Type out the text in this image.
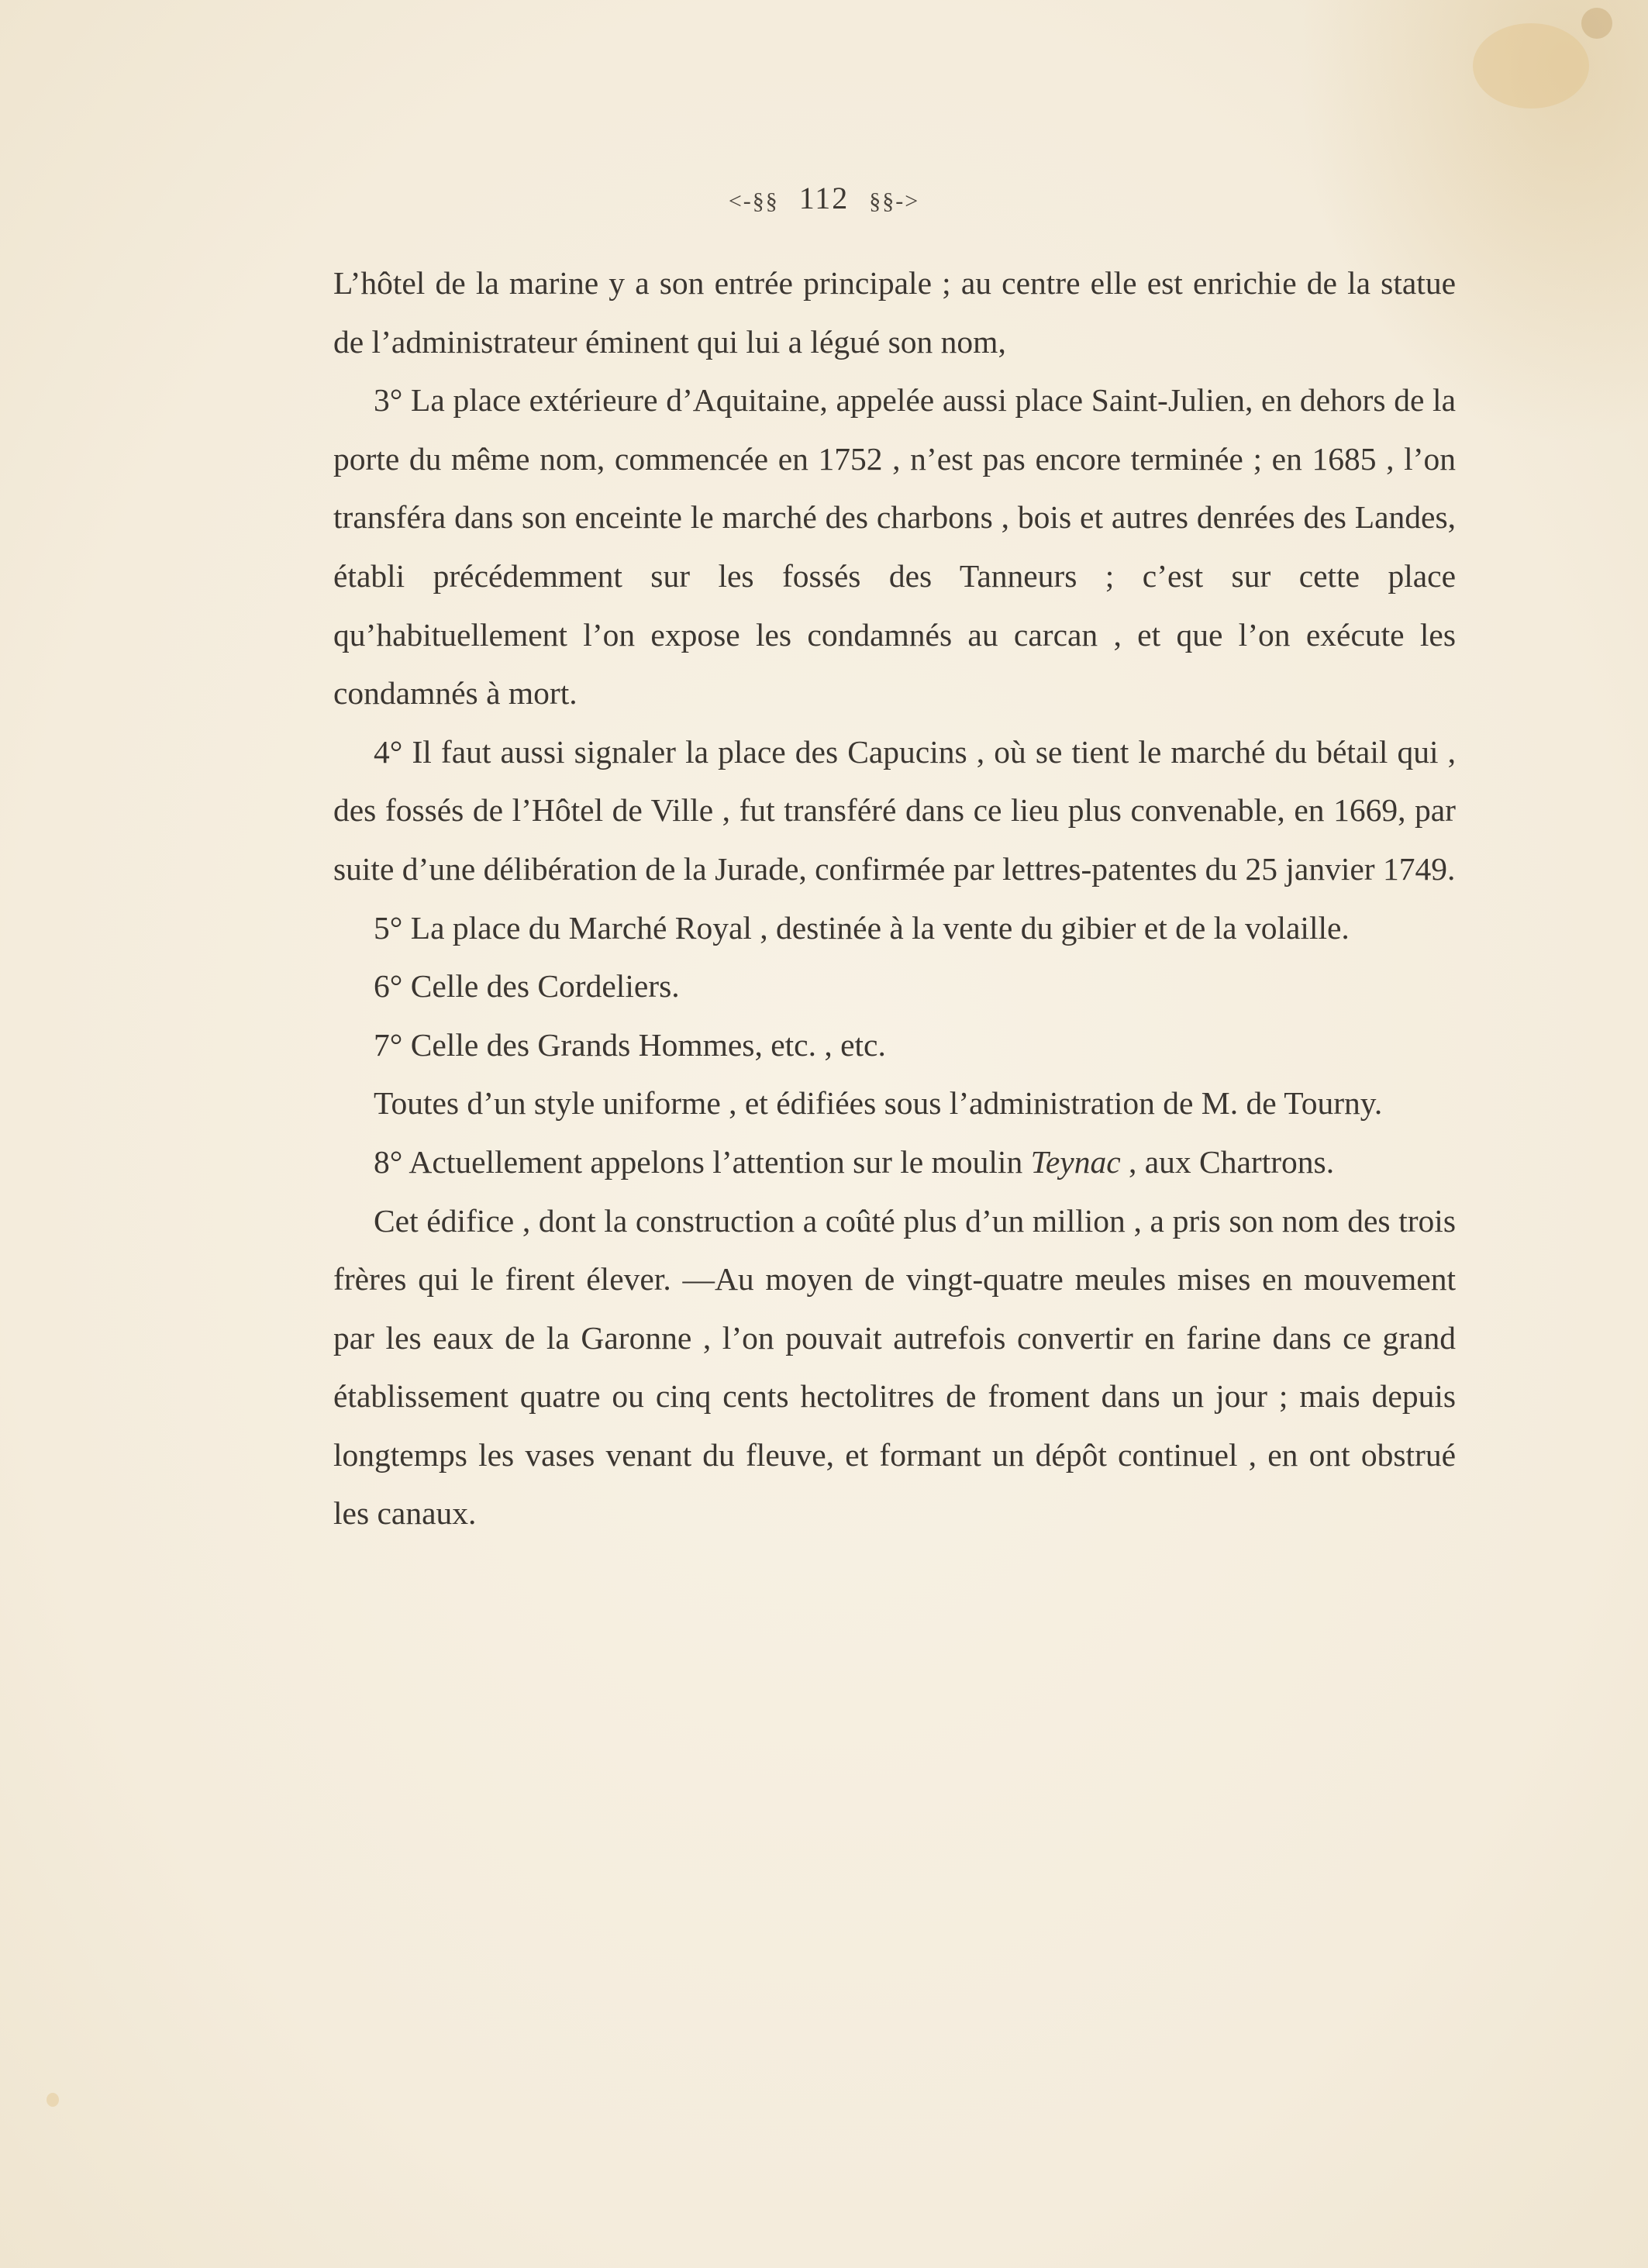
<-§§ 112 §§->

L’hôtel de la marine y a son entrée principale ; au centre elle est enrichie de la statue de l’administrateur éminent qui lui a légué son nom,

3° La place extérieure d’Aquitaine, appelée aussi place Saint-Julien, en dehors de la porte du même nom, commencée en 1752 , n’est pas encore terminée ; en 1685 , l’on transféra dans son enceinte le marché des charbons , bois et autres denrées des Landes, établi précédemment sur les fossés des Tanneurs ; c’est sur cette place qu’habituellement l’on expose les condamnés au carcan , et que l’on exécute les condamnés à mort.

4° Il faut aussi signaler la place des Capucins , où se tient le marché du bétail qui , des fossés de l’Hôtel de Ville , fut transféré dans ce lieu plus convenable, en 1669, par suite d’une délibération de la Jurade, confirmée par lettres-patentes du 25 janvier 1749.

5° La place du Marché Royal , destinée à la vente du gibier et de la volaille.

6° Celle des Cordeliers.

7° Celle des Grands Hommes, etc. , etc.

Toutes d’un style uniforme , et édifiées sous l’administration de M. de Tourny.

8° Actuellement appelons l’attention sur le moulin Teynac , aux Chartrons.

Cet édifice , dont la construction a coûté plus d’un million , a pris son nom des trois frères qui le firent élever. —Au moyen de vingt-quatre meules mises en mouvement par les eaux de la Garonne , l’on pouvait autrefois convertir en farine dans ce grand établissement quatre ou cinq cents hectolitres de froment dans un jour ; mais depuis longtemps les vases venant du fleuve, et formant un dépôt continuel , en ont obstrué les canaux.
